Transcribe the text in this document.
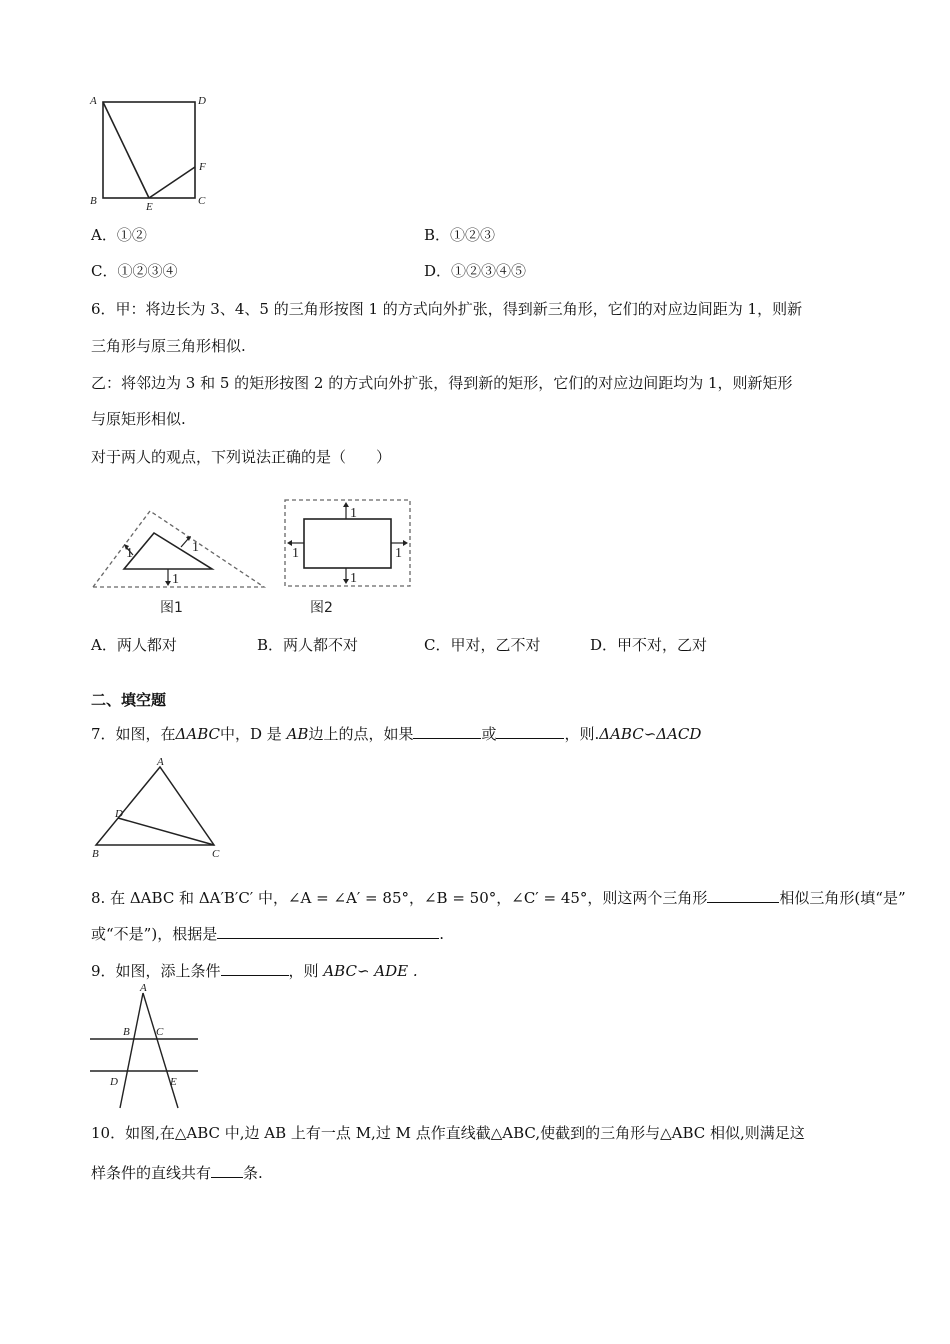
A	D
B	C
E
F
A．①②	B．①②③
C．①②③④	D．①②③④⑤
6．甲：将边长为 3、4、5 的三角形按图 1 的方式向外扩张，得到新三角形，它们的对应边间距为 1，则新
三角形与原三角形相似.
乙：将邻边为 3 和 5 的矩形按图 2 的方式向外扩张，得到新的矩形，它们的对应边间距均为 1，则新矩形
与原矩形相似.
对于两人的观点，下列说法正确的是（　　）
1	1
1
图1
1
1
1	1
图2
A．两人都对	B．两人都不对	C．甲对，乙不对	D．甲不对，乙对
二、填空题
7．如图，在ΔABC中，D 是 AB边上的点，如果	或	，则.ΔABC∽ΔACD
A
D
B	C
8. 在 ΔABC 和 ΔA′B′C′ 中，∠A = ∠A′ = 85°，∠B = 50°，∠C′ = 45°，则这两个三角形	相似三角形(填“是”
或“不是”)，根据是	.
9．如图，添上条件	，则 ABC∽ ADE .
A
B C
D	E
10．如图,在△ABC 中,边 AB 上有一点 M,过 M 点作直线截△ABC,使截到的三角形与△ABC 相似,则满足这
样条件的直线共有 条.
